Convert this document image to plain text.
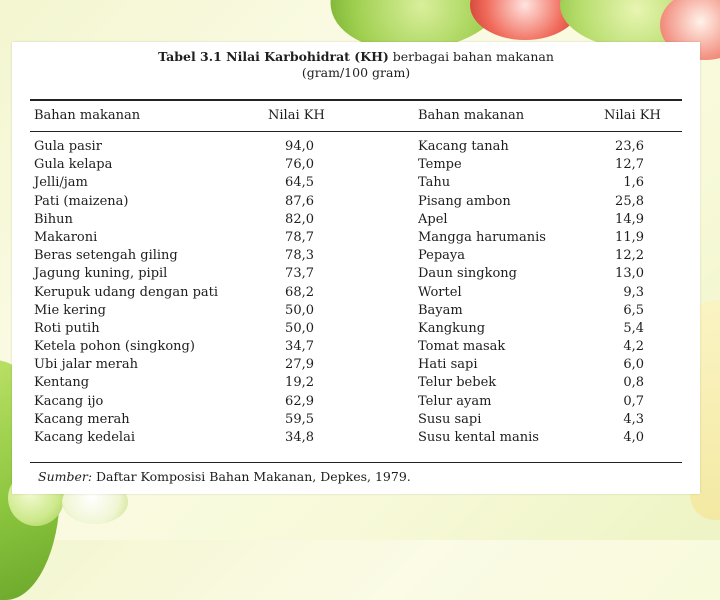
Tabel 3.1 Nilai Karbohidrat (KH) berbagai bahan makanan
(gram/100 gram)
Bahan makanan	Nilai KH	Bahan makanan	Nilai KH
Gula pasir	94,0	Kacang tanah	23,6
Gula kelapa	76,0	Tempe	12,7
Jelli/jam	64,5	Tahu	1,6
Pati (maizena)	87,6	Pisang ambon	25,8
Bihun	82,0	Apel	14,9
Makaroni	78,7	Mangga harumanis	11,9
Beras setengah giling	78,3	Pepaya	12,2
Jagung kuning, pipil	73,7	Daun singkong	13,0
Kerupuk udang dengan pati	68,2	Wortel	9,3
Mie kering	50,0	Bayam	6,5
Roti putih	50,0	Kangkung	5,4
Ketela pohon (singkong)	34,7	Tomat masak	4,2
Ubi jalar merah	27,9	Hati sapi	6,0
Kentang	19,2	Telur bebek	0,8
Kacang ijo	62,9	Telur ayam	0,7
Kacang merah	59,5	Susu sapi	4,3
Kacang kedelai	34,8	Susu kental manis	4,0
Sumber: Daftar Komposisi Bahan Makanan, Depkes, 1979.
